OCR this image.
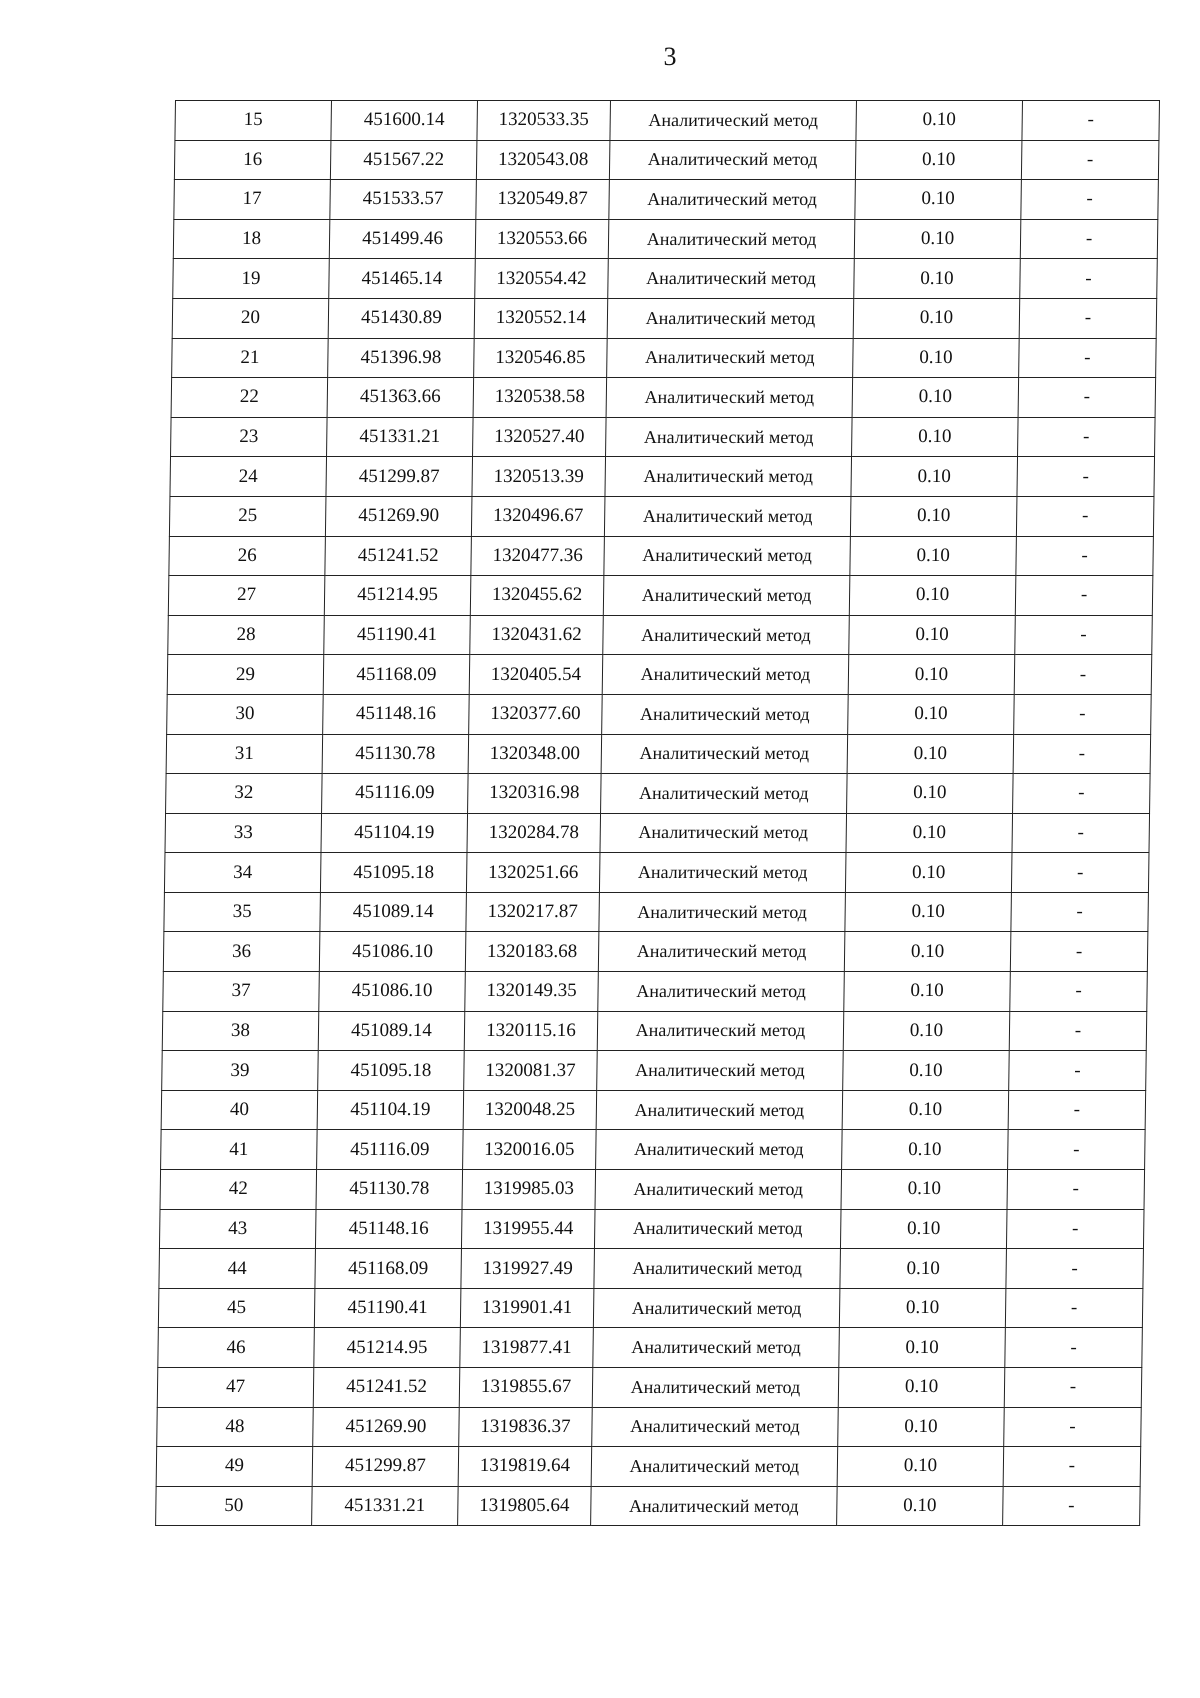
3
15	451600.14	1320533.35	Аналитический метод	0.10	-
16	451567.22	1320543.08	Аналитический метод	0.10	-
17	451533.57	1320549.87	Аналитический метод	0.10	-
18	451499.46	1320553.66	Аналитический метод	0.10	-
19	451465.14	1320554.42	Аналитический метод	0.10	-
20	451430.89	1320552.14	Аналитический метод	0.10	-
21	451396.98	1320546.85	Аналитический метод	0.10	-
22	451363.66	1320538.58	Аналитический метод	0.10	-
23	451331.21	1320527.40	Аналитический метод	0.10	-
24	451299.87	1320513.39	Аналитический метод	0.10	-
25	451269.90	1320496.67	Аналитический метод	0.10	-
26	451241.52	1320477.36	Аналитический метод	0.10	-
27	451214.95	1320455.62	Аналитический метод	0.10	-
28	451190.41	1320431.62	Аналитический метод	0.10	-
29	451168.09	1320405.54	Аналитический метод	0.10	-
30	451148.16	1320377.60	Аналитический метод	0.10	-
31	451130.78	1320348.00	Аналитический метод	0.10	-
32	451116.09	1320316.98	Аналитический метод	0.10	-
33	451104.19	1320284.78	Аналитический метод	0.10	-
34	451095.18	1320251.66	Аналитический метод	0.10	-
35	451089.14	1320217.87	Аналитический метод	0.10	-
36	451086.10	1320183.68	Аналитический метод	0.10	-
37	451086.10	1320149.35	Аналитический метод	0.10	-
38	451089.14	1320115.16	Аналитический метод	0.10	-
39	451095.18	1320081.37	Аналитический метод	0.10	-
40	451104.19	1320048.25	Аналитический метод	0.10	-
41	451116.09	1320016.05	Аналитический метод	0.10	-
42	451130.78	1319985.03	Аналитический метод	0.10	-
43	451148.16	1319955.44	Аналитический метод	0.10	-
44	451168.09	1319927.49	Аналитический метод	0.10	-
45	451190.41	1319901.41	Аналитический метод	0.10	-
46	451214.95	1319877.41	Аналитический метод	0.10	-
47	451241.52	1319855.67	Аналитический метод	0.10	-
48	451269.90	1319836.37	Аналитический метод	0.10	-
49	451299.87	1319819.64	Аналитический метод	0.10	-
50	451331.21	1319805.64	Аналитический метод	0.10	-
